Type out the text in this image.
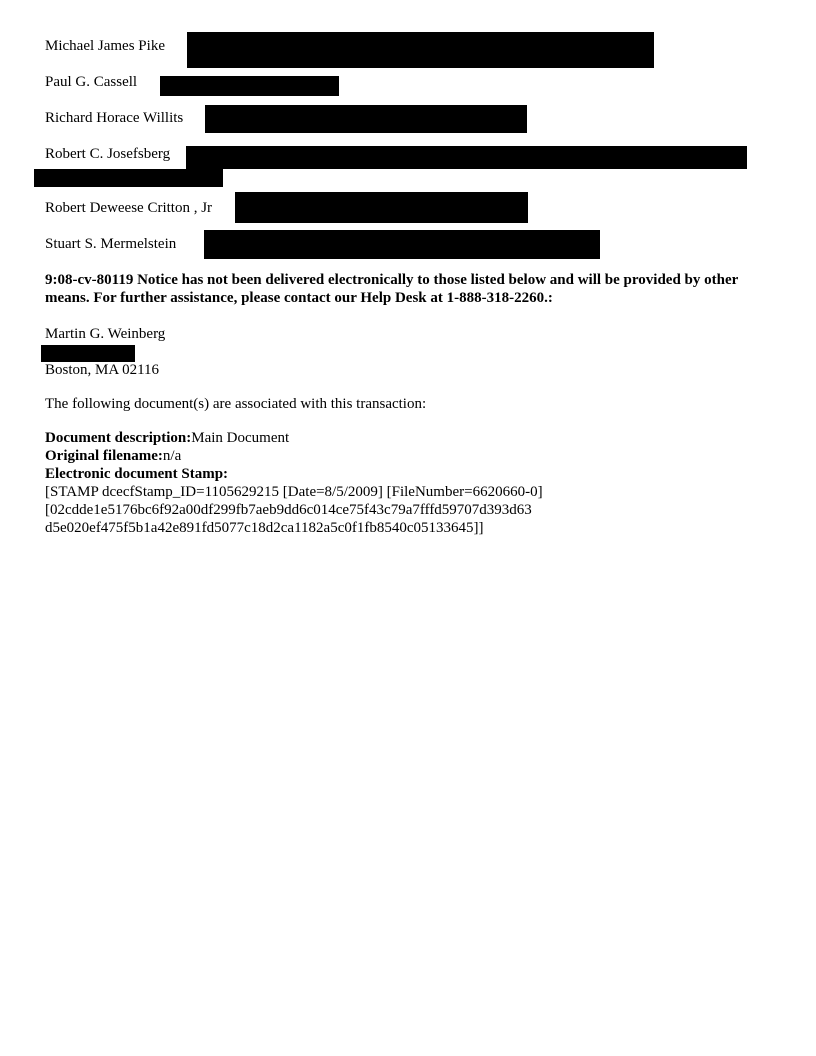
Michael James Pike
Paul G. Cassell
Richard Horace Willits
Robert C. Josefsberg
Robert Deweese Critton , Jr
Stuart S. Mermelstein
9:08-cv-80119 Notice has not been delivered electronically to those listed below and will be provided by other means. For further assistance, please contact our Help Desk at 1-888-318-2260.:
Martin G. Weinberg
Boston, MA 02116
The following document(s) are associated with this transaction:
Document description:Main Document
Original filename:n/a
Electronic document Stamp:
[STAMP dcecfStamp_ID=1105629215 [Date=8/5/2009] [FileNumber=6620660-0]
[02cdde1e5176bc6f92a00df299fb7aeb9dd6c014ce75f43c79a7fffd59707d393d63
d5e020ef475f5b1a42e891fd5077c18d2ca1182a5c0f1fb8540c05133645]]
